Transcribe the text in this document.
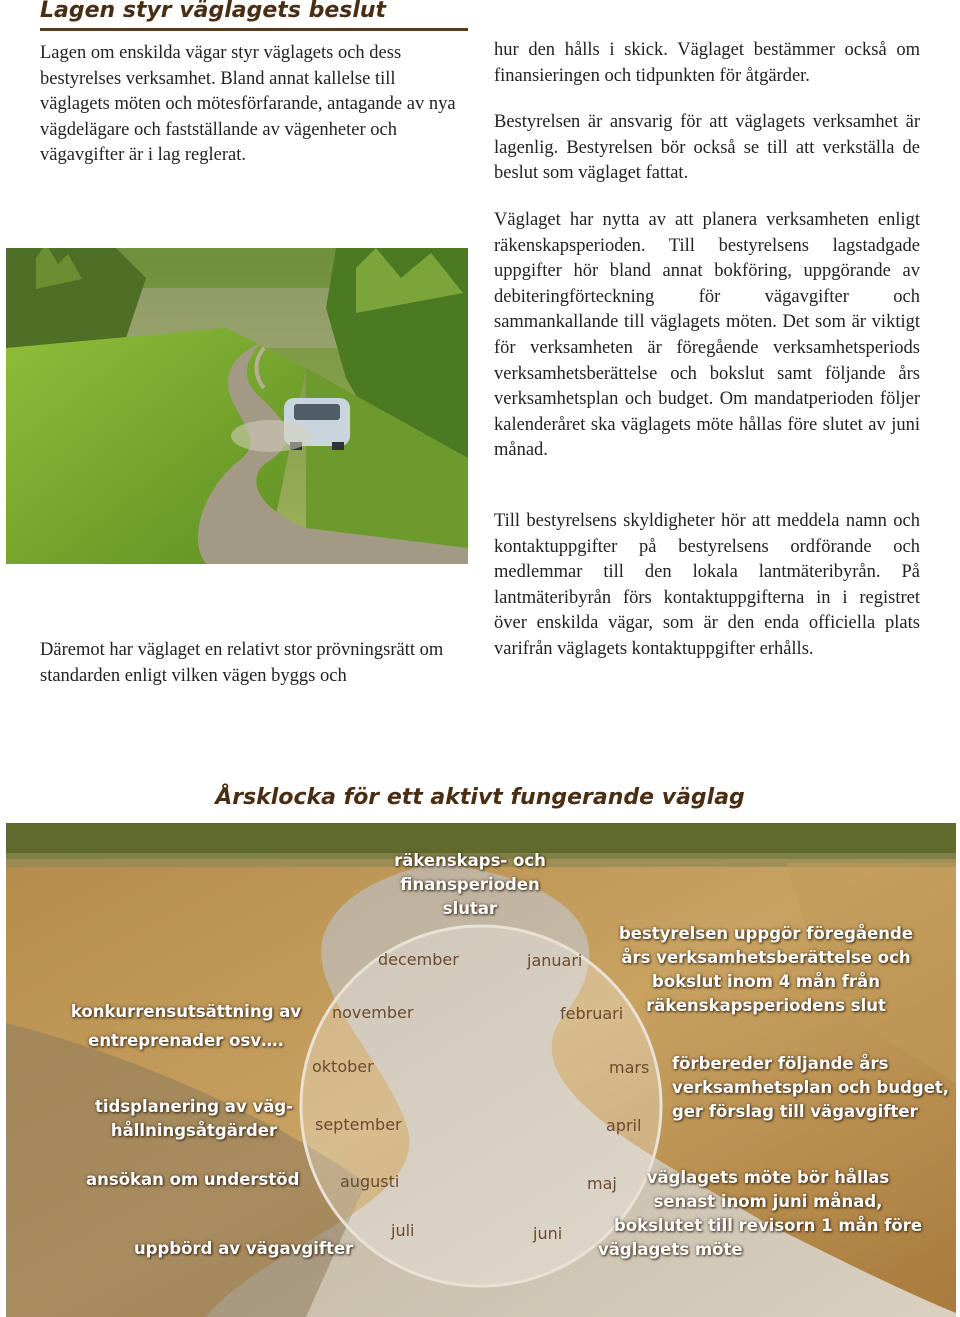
Lagen styr väglagets beslut

Lagen om enskilda vägar styr väglagets och dess bestyrelses verksamhet. Bland annat kallelse till väglagets möten och mötesförfarande, antagande av nya vägdelägare och fastställande av vägenheter och vägavgifter är i lag reglerat.

Däremot har väglaget en relativt stor prövningsrätt om standarden enligt vilken vägen byggs och

hur den hålls i skick. Väglaget bestämmer också om finansieringen och tidpunkten för åtgärder.

Bestyrelsen är ansvarig för att väglagets verksamhet är lagenlig. Bestyrelsen bör också se till att verkställa de beslut som väglaget fattat.

Väglaget har nytta av att planera verksamheten enligt räkenskapsperioden. Till bestyrelsens lagstadgade uppgifter hör bland annat bokföring, uppgörande av debiteringförteckning för vägavgifter och sammankallande till väglagets möten. Det som är viktigt för verksamheten är föregående verksamhetsperiods verksamhetsberättelse och bokslut samt följande års verksamhetsplan och budget. Om mandatperioden följer kalenderåret ska väglagets möte hållas före slutet av juni månad.

Till bestyrelsens skyldigheter hör att meddela namn och kontaktuppgifter på bestyrelsens ordförande och medlemmar till den lokala lantmäteribyrån. På lantmäteribyrån förs kontaktuppgifterna in i registret över enskilda vägar, som är den enda officiella plats varifrån väglagets kontaktuppgifter erhålls.

Årsklocka för ett aktivt fungerande väglag
räkenskaps- och finansperioden
slutar
december	januari
november	februari
oktober	mars
september	april
augusti	maj
juli	juni
konkurrensutsättning av
entreprenader osv….
tidsplanering av väg-
hållningsåtgärder
ansökan om understöd
uppbörd av vägavgifter
bestyrelsen uppgör föregående
års verksamhetsberättelse och
bokslut inom 4 mån från
räkenskapsperiodens slut
förbereder följande års
verksamhetsplan och budget,
ger förslag till vägavgifter
väglagets möte bör hållas
senast inom juni månad,
bokslutet till revisorn 1 mån före
väglagets möte
